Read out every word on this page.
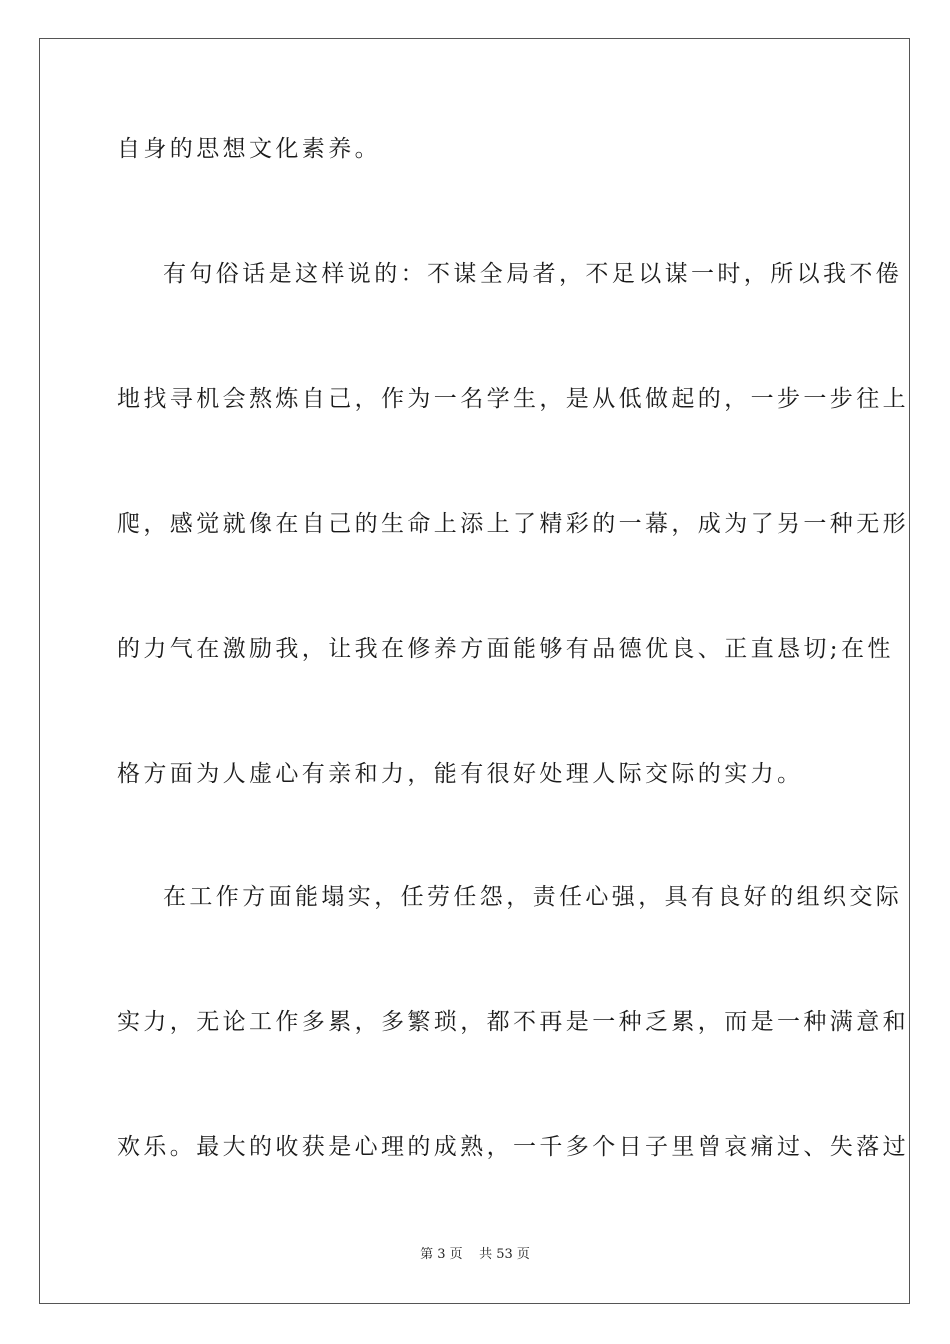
自身的思想文化素养。
有句俗话是这样说的：不谋全局者，不足以谋一时，所以我不倦
地找寻机会熬炼自己，作为一名学生，是从低做起的，一步一步往上
爬，感觉就像在自己的生命上添上了精彩的一幕，成为了另一种无形
的力气在激励我，让我在修养方面能够有品德优良、正直恳切;在性
格方面为人虚心有亲和力，能有很好处理人际交际的实力。
在工作方面能塌实，任劳任怨，责任心强，具有良好的组织交际
实力，无论工作多累，多繁琐，都不再是一种乏累，而是一种满意和
欢乐。最大的收获是心理的成熟，一千多个日子里曾哀痛过、失落过
第 3 页    共 53 页
